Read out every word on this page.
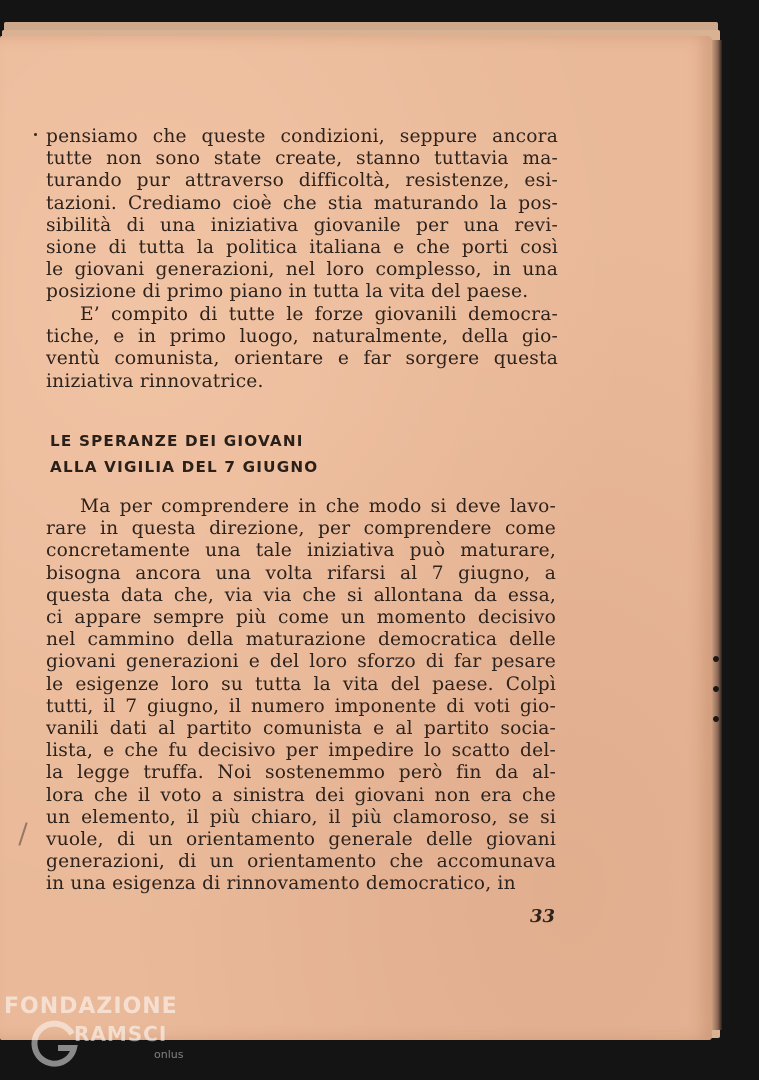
pensiamo che queste condizioni, seppure ancora
tutte non sono state create, stanno tuttavia ma-
turando pur attraverso difficoltà, resistenze, esi-
tazioni. Crediamo cioè che stia maturando la pos-
sibilità di una iniziativa giovanile per una revi-
sione di tutta la politica italiana e che porti così
le giovani generazioni, nel loro complesso, in una
posizione di primo piano in tutta la vita del paese.
E’ compito di tutte le forze giovanili democra-
tiche, e in primo luogo, naturalmente, della gio-
ventù comunista, orientare e far sorgere questa
iniziativa rinnovatrice.
LE SPERANZE DEI GIOVANI
ALLA VIGILIA DEL 7 GIUGNO
Ma per comprendere in che modo si deve lavo-
rare in questa direzione, per comprendere come
concretamente una tale iniziativa può maturare,
bisogna ancora una volta rifarsi al 7 giugno, a
questa data che, via via che si allontana da essa,
ci appare sempre più come un momento decisivo
nel cammino della maturazione democratica delle
giovani generazioni e del loro sforzo di far pesare
le esigenze loro su tutta la vita del paese. Colpì
tutti, il 7 giugno, il numero imponente di voti gio-
vanili dati al partito comunista e al partito socia-
lista, e che fu decisivo per impedire lo scatto del-
la legge truffa. Noi sostenemmo però fin da al-
lora che il voto a sinistra dei giovani non era che
un elemento, il più chiaro, il più clamoroso, se si
vuole, di un orientamento generale delle giovani
generazioni, di un orientamento che accomunava
in una esigenza di rinnovamento democratico, in
33
FONDAZIONE
RAMSCI
onlus
